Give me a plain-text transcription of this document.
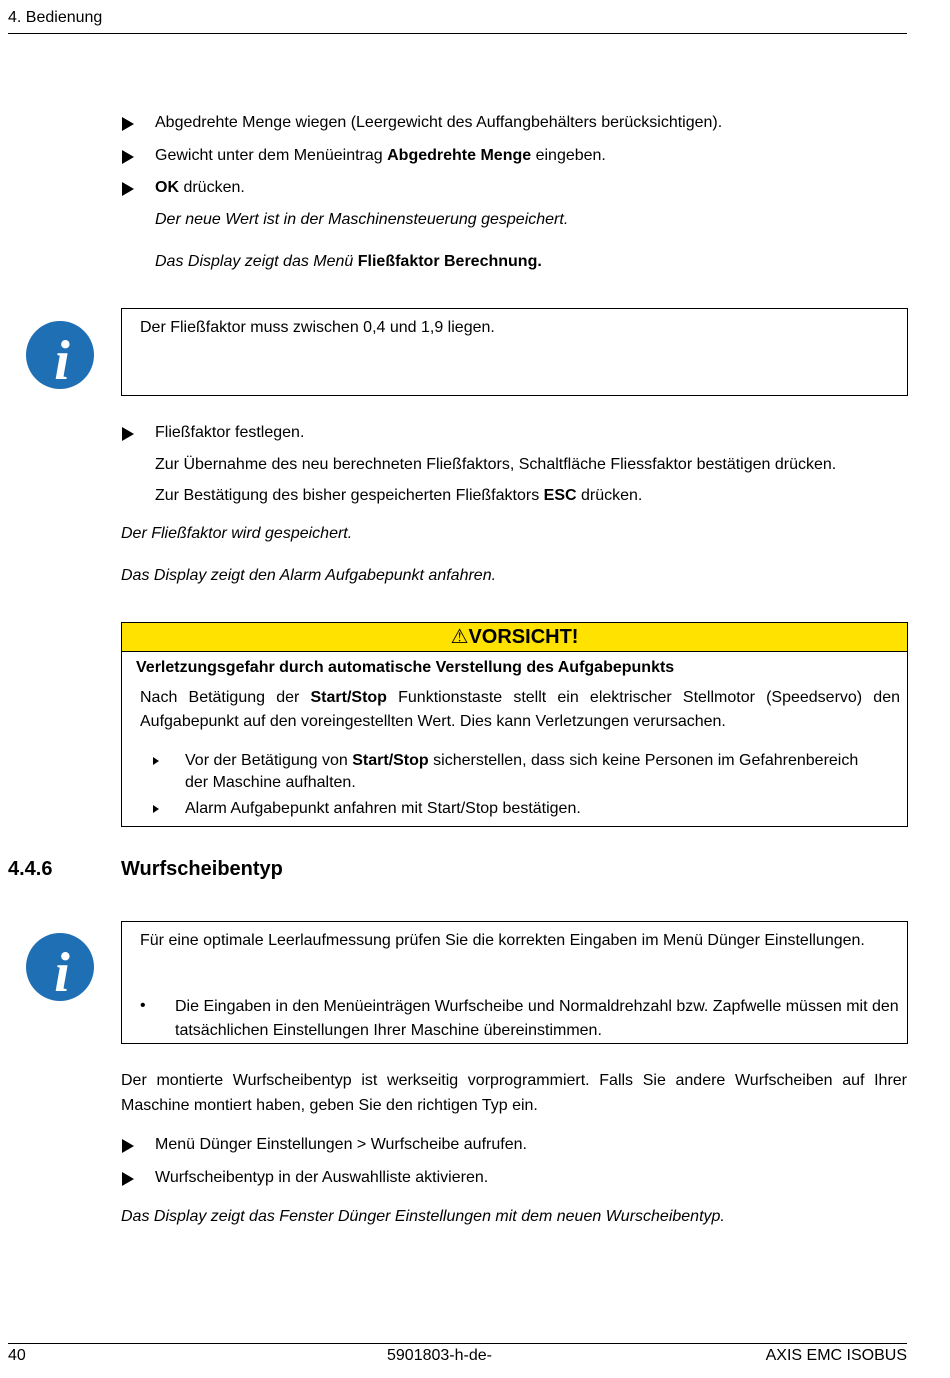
4. Bedienung
Abgedrehte Menge wiegen (Leergewicht des Auffangbehälters berücksichtigen).
Gewicht unter dem Menüeintrag Abgedrehte Menge eingeben.
OK drücken.
Der neue Wert ist in der Maschinensteuerung gespeichert.
Das Display zeigt das Menü Fließfaktor Berechnung.
i
Der Fließfaktor muss zwischen 0,4 und 1,9 liegen.
Fließfaktor festlegen.
Zur Übernahme des neu berechneten Fließfaktors, Schaltfläche Fliessfaktor bestätigen drücken.
Zur Bestätigung des bisher gespeicherten Fließfaktors ESC drücken.
Der Fließfaktor wird gespeichert.
Das Display zeigt den Alarm Aufgabepunkt anfahren.
⚠VORSICHT!
Verletzungsgefahr durch automatische Verstellung des Aufgabepunkts
Nach Betätigung der Start/Stop Funktionstaste stellt ein elektrischer Stellmotor (Speedservo) den Aufgabepunkt auf den voreingestellten Wert. Dies kann Verletzungen verursachen.
Vor der Betätigung von Start/Stop sicherstellen, dass sich keine Personen im Gefahrenbereich der Maschine aufhalten.
Alarm Aufgabepunkt anfahren mit Start/Stop bestätigen.
4.4.6	Wurfscheibentyp
i
Für eine optimale Leerlaufmessung prüfen Sie die korrekten Eingaben im Menü Dünger Einstellungen.
• Die Eingaben in den Menüeinträgen Wurfscheibe und Normaldrehzahl bzw. Zapfwelle müssen mit den tatsächlichen Einstellungen Ihrer Maschine übereinstimmen.
Der montierte Wurfscheibentyp ist werkseitig vorprogrammiert. Falls Sie andere Wurfscheiben auf Ihrer Maschine montiert haben, geben Sie den richtigen Typ ein.
Menü Dünger Einstellungen > Wurfscheibe aufrufen.
Wurfscheibentyp in der Auswahlliste aktivieren.
Das Display zeigt das Fenster Dünger Einstellungen mit dem neuen Wurscheibentyp.
40	5901803-h-de-	AXIS EMC ISOBUS
